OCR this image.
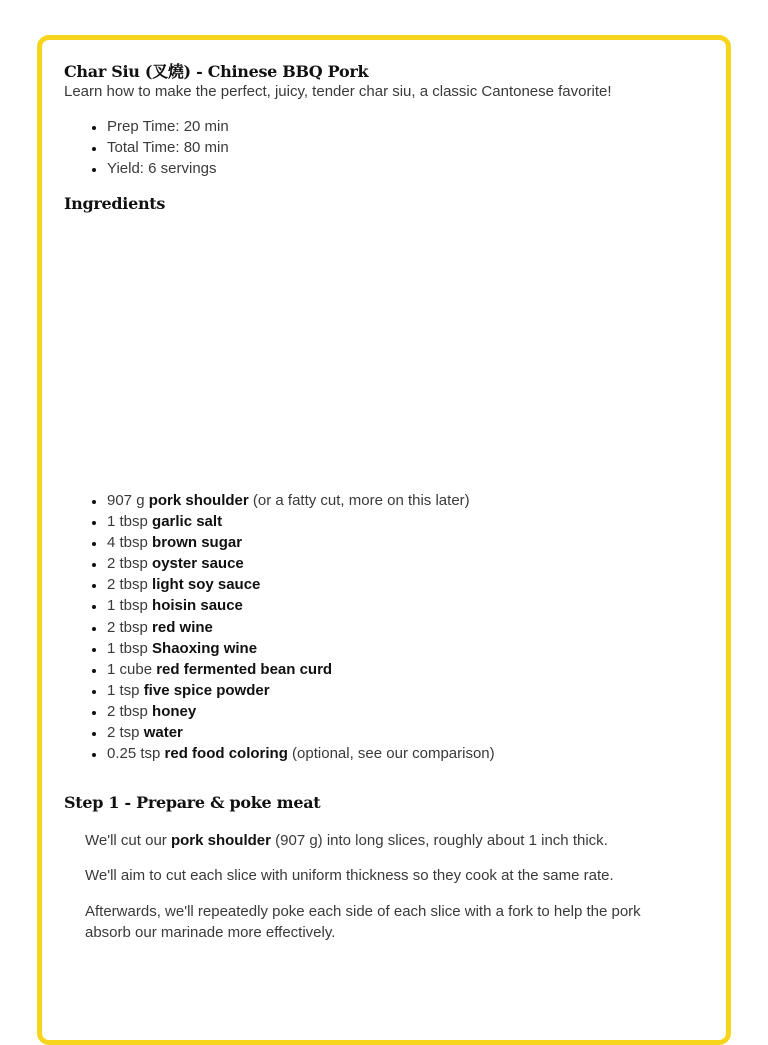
Char Siu (叉燒) - Chinese BBQ Pork

Learn how to make the perfect, juicy, tender char siu, a classic Cantonese favorite!

• Prep Time: 20 min
• Total Time: 80 min
• Yield: 6 servings
Ingredients
• 907 g pork shoulder (or a fatty cut, more on this later)
• 1 tbsp garlic salt
• 4 tbsp brown sugar
• 2 tbsp oyster sauce
• 2 tbsp light soy sauce
• 1 tbsp hoisin sauce
• 2 tbsp red wine
• 1 tbsp Shaoxing wine
• 1 cube red fermented bean curd
• 1 tsp five spice powder
• 2 tbsp honey
• 2 tsp water
• 0.25 tsp red food coloring (optional, see our comparison)
Step 1 - Prepare & poke meat

We'll cut our pork shoulder (907 g) into long slices, roughly about 1 inch thick.

We'll aim to cut each slice with uniform thickness so they cook at the same rate.

Afterwards, we'll repeatedly poke each side of each slice with a fork to help the pork absorb our marinade more effectively.
